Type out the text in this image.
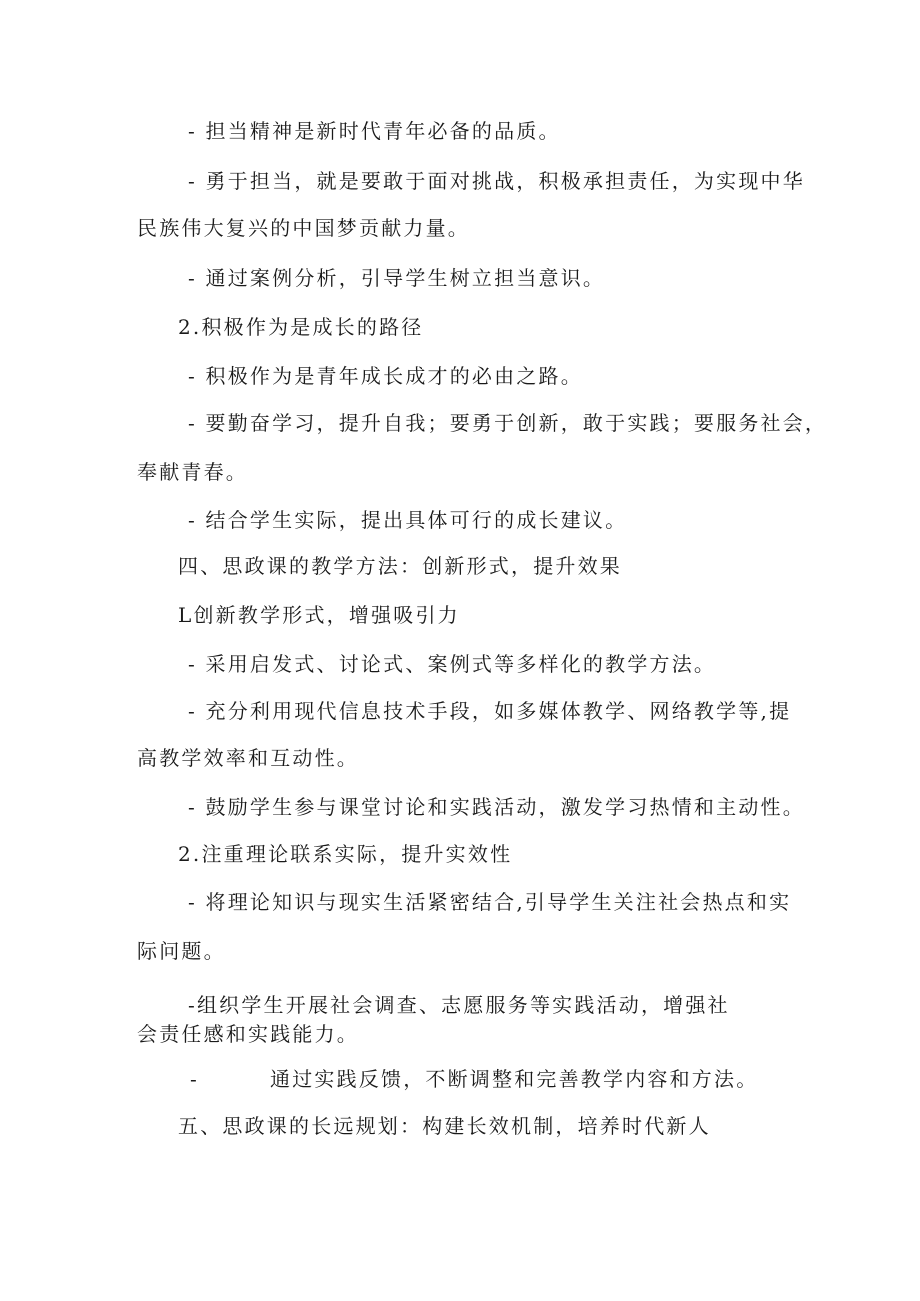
- 担当精神是新时代青年必备的品质。

- 勇于担当，就是要敢于面对挑战，积极承担责任，为实现中华

民族伟大复兴的中国梦贡献力量。

- 通过案例分析，引导学生树立担当意识。

2.积极作为是成长的路径

- 积极作为是青年成长成才的必由之路。

- 要勤奋学习，提升自我；要勇于创新，敢于实践；要服务社会，

奉献青春。

- 结合学生实际，提出具体可行的成长建议。

四、思政课的教学方法：创新形式，提升效果

L创新教学形式，增强吸引力

- 采用启发式、讨论式、案例式等多样化的教学方法。

- 充分利用现代信息技术手段，如多媒体教学、网络教学等,提

高教学效率和互动性。

- 鼓励学生参与课堂讨论和实践活动，激发学习热情和主动性。

2.注重理论联系实际，提升实效性

- 将理论知识与现实生活紧密结合,引导学生关注社会热点和实

际问题。

-组织学生开展社会调查、志愿服务等实践活动，增强社

会责任感和实践能力。

-	通过实践反馈，不断调整和完善教学内容和方法。

五、思政课的长远规划：构建长效机制，培养时代新人
